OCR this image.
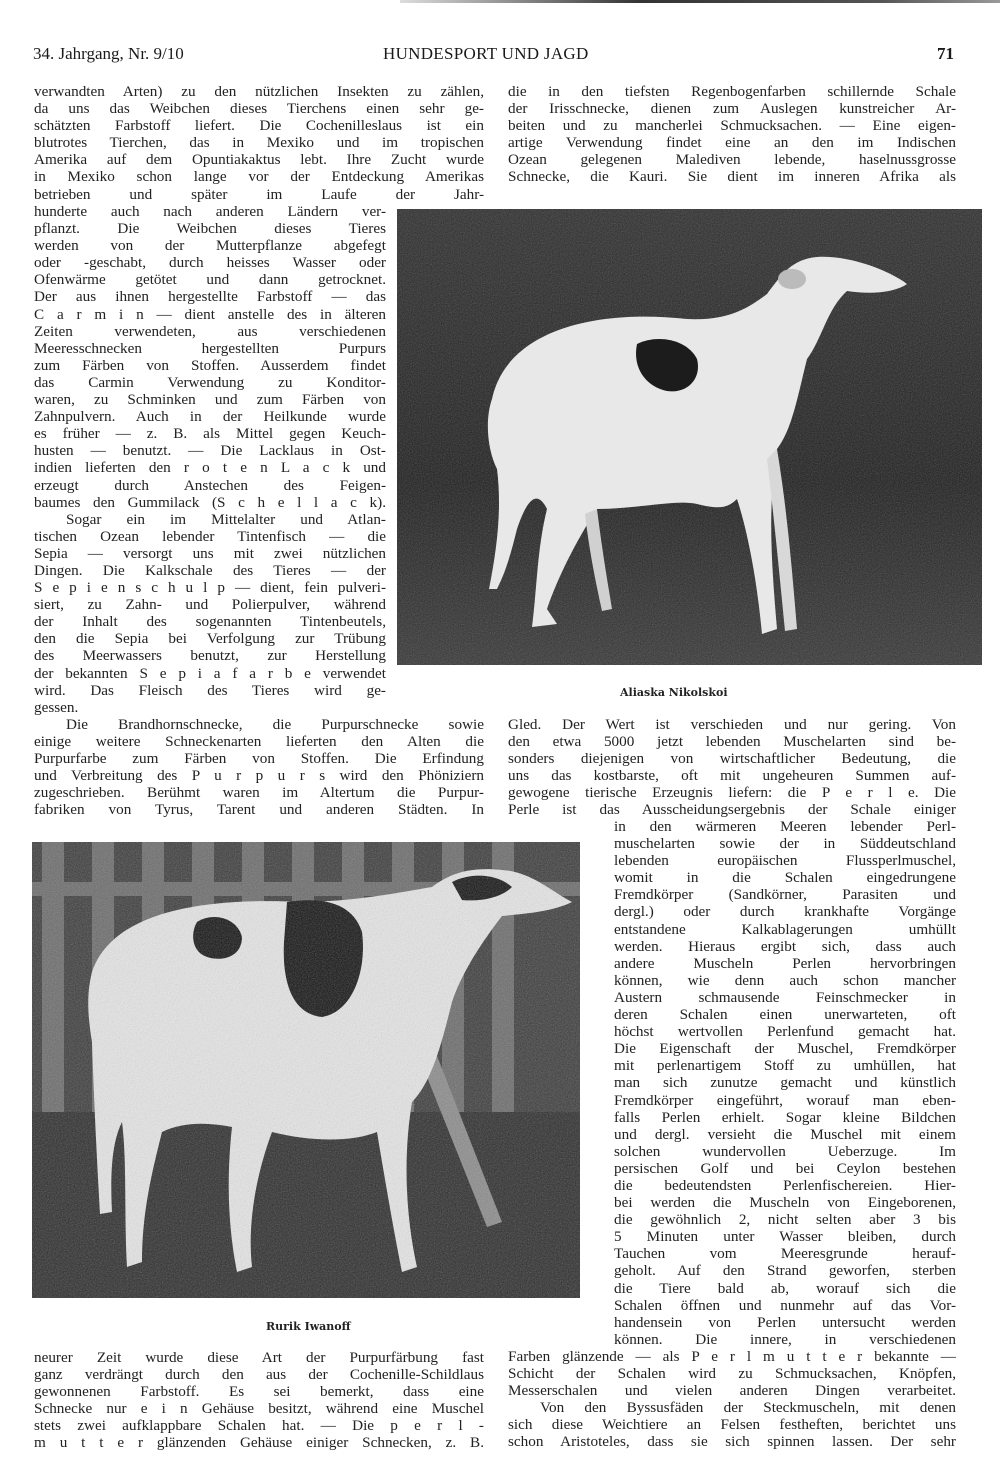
34. Jahrgang, Nr. 9/10	HUNDESPORT UND JAGD	71
verwandten Arten) zu den nützlichen Insekten zu zählen,
da uns das Weibchen dieses Tierchens einen sehr ge-
schätzten Farbstoff liefert. Die Cochenilleslaus ist ein
blutrotes Tierchen, das in Mexiko und im tropischen
Amerika auf dem Opuntiakaktus lebt. Ihre Zucht wurde
in Mexiko schon lange vor der Entdeckung Amerikas
betrieben und später im Laufe der Jahr-
hunderte auch nach anderen Ländern ver-
pflanzt. Die Weibchen dieses Tieres
werden von der Mutterpflanze abgefegt
oder -geschabt, durch heisses Wasser oder
Ofenwärme getötet und dann getrocknet.
Der aus ihnen hergestellte Farbstoff — das
C a r m i n — dient anstelle des in älteren
Zeiten verwendeten, aus verschiedenen
Meeresschnecken hergestellten Purpurs
zum Färben von Stoffen. Ausserdem findet
das Carmin Verwendung zu Konditor-
waren, zu Schminken und zum Färben von
Zahnpulvern. Auch in der Heilkunde wurde
es früher — z. B. als Mittel gegen Keuch-
husten — benutzt. — Die Lacklaus in Ost-
indien lieferten den r o t e n L a c k und
erzeugt durch Anstechen des Feigen-
baumes den Gummilack (S c h e l l a c k).
Sogar ein im Mittelalter und Atlan-
tischen Ozean lebender Tintenfisch — die
Sepia — versorgt uns mit zwei nützlichen
Dingen. Die Kalkschale des Tieres — der
S e p i e n s c h u l p — dient, fein pulveri-
siert, zu Zahn- und Polierpulver, während
der Inhalt des sogenannten Tintenbeutels,
den die Sepia bei Verfolgung zur Trübung
des Meerwassers benutzt, zur Herstellung
der bekannten S e p i a f a r b e verwendet
wird. Das Fleisch des Tieres wird ge-
gessen.
Die Brandhornschnecke, die Purpurschnecke sowie
einige weitere Schneckenarten lieferten den Alten die
Purpurfarbe zum Färben von Stoffen. Die Erfindung
und Verbreitung des P u r p u r s wird den Phöniziern
zugeschrieben. Berühmt waren im Altertum die Purpur-
fabriken von Tyrus, Tarent und anderen Städten. In
Aliaska Nikolskoi
die in den tiefsten Regenbogenfarben schillernde Schale
der Irisschnecke, dienen zum Auslegen kunstreicher Ar-
beiten und zu mancherlei Schmucksachen. — Eine eigen-
artige Verwendung findet eine an den im Indischen
Ozean gelegenen Malediven lebende, haselnussgrosse
Schnecke, die Kauri. Sie dient im inneren Afrika als
Gled. Der Wert ist verschieden und nur gering. Von
den etwa 5000 jetzt lebenden Muschelarten sind be-
sonders diejenigen von wirtschaftlicher Bedeutung, die
uns das kostbarste, oft mit ungeheuren Summen auf-
gewogene tierische Erzeugnis liefern: die P e r l e. Die
Perle ist das Ausscheidungsergebnis der Schale einiger
in den wärmeren Meeren lebender Perl-
muschelarten sowie der in Süddeutschland
lebenden europäischen Flussperlmuschel,
womit in die Schalen eingedrungene
Fremdkörper (Sandkörner, Parasiten und
dergl.) oder durch krankhafte Vorgänge
entstandene Kalkablagerungen umhüllt
werden. Hieraus ergibt sich, dass auch
andere Muscheln Perlen hervorbringen
können, wie denn auch schon mancher
Austern schmausende Feinschmecker in
deren Schalen einen unerwarteten, oft
höchst wertvollen Perlenfund gemacht hat.
Die Eigenschaft der Muschel, Fremdkörper
mit perlenartigem Stoff zu umhüllen, hat
man sich zunutze gemacht und künstlich
Fremdkörper eingeführt, worauf man eben-
falls Perlen erhielt. Sogar kleine Bildchen
und dergl. versieht die Muschel mit einem
solchen wundervollen Ueberzuge. Im
persischen Golf und bei Ceylon bestehen
die bedeutendsten Perlenfischereien. Hier-
bei werden die Muscheln von Eingeborenen,
die gewöhnlich 2, nicht selten aber 3 bis
5 Minuten unter Wasser bleiben, durch
Tauchen vom Meeresgrunde herauf-
geholt. Auf den Strand geworfen, sterben
die Tiere bald ab, worauf sich die
Schalen öffnen und nunmehr auf das Vor-
handensein von Perlen untersucht werden
können. Die innere, in verschiedenen
Farben glänzende — als P e r l m u t t e r bekannte —
Schicht der Schalen wird zu Schmucksachen, Knöpfen,
Messerschalen und vielen anderen Dingen verarbeitet.
Von den Byssusfäden der Steckmuscheln, mit denen
sich diese Weichtiere an Felsen festheften, berichtet uns
schon Aristoteles, dass sie sich spinnen lassen. Der sehr
Rurik Iwanoff
neurer Zeit wurde diese Art der Purpurfärbung fast
ganz verdrängt durch den aus der Cochenille-Schildlaus
gewonnenen Farbstoff. Es sei bemerkt, dass eine
Schnecke nur e i n Gehäuse besitzt, während eine Muschel
stets zwei aufklappbare Schalen hat. — Die p e r l -
m u t t e r glänzenden Gehäuse einiger Schnecken, z. B.
